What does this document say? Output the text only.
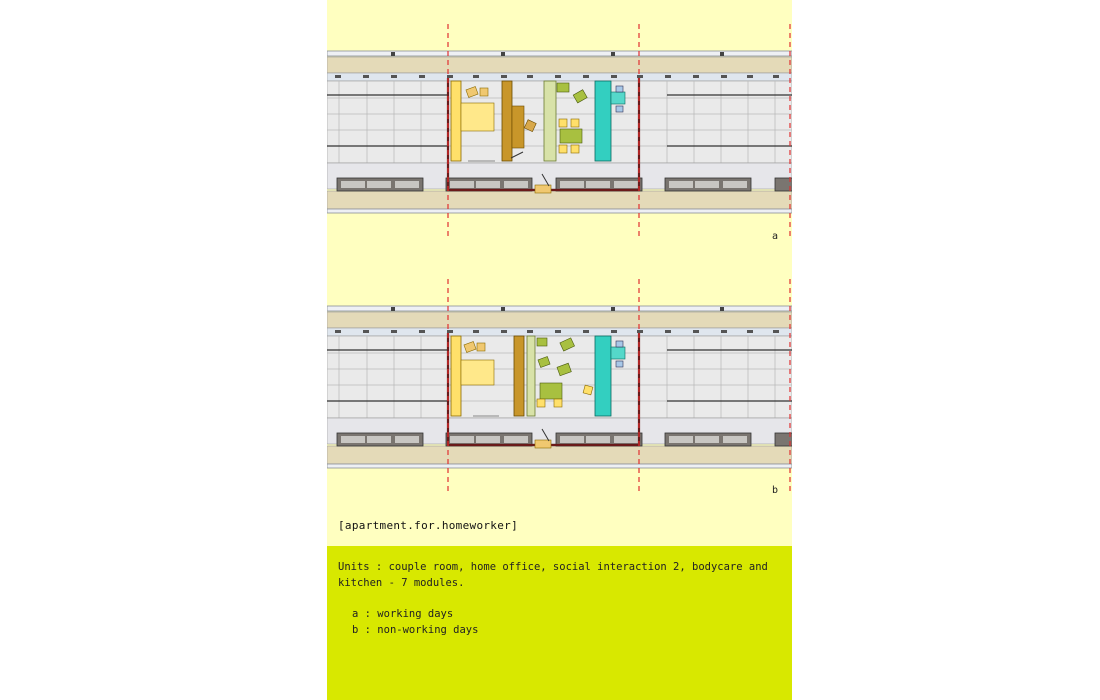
a
b
[apartment.for.homeworker]
Units : couple room, home office, social interaction 2, bodycare and kitchen - 7 modules.
a : working days
b : non-working days
